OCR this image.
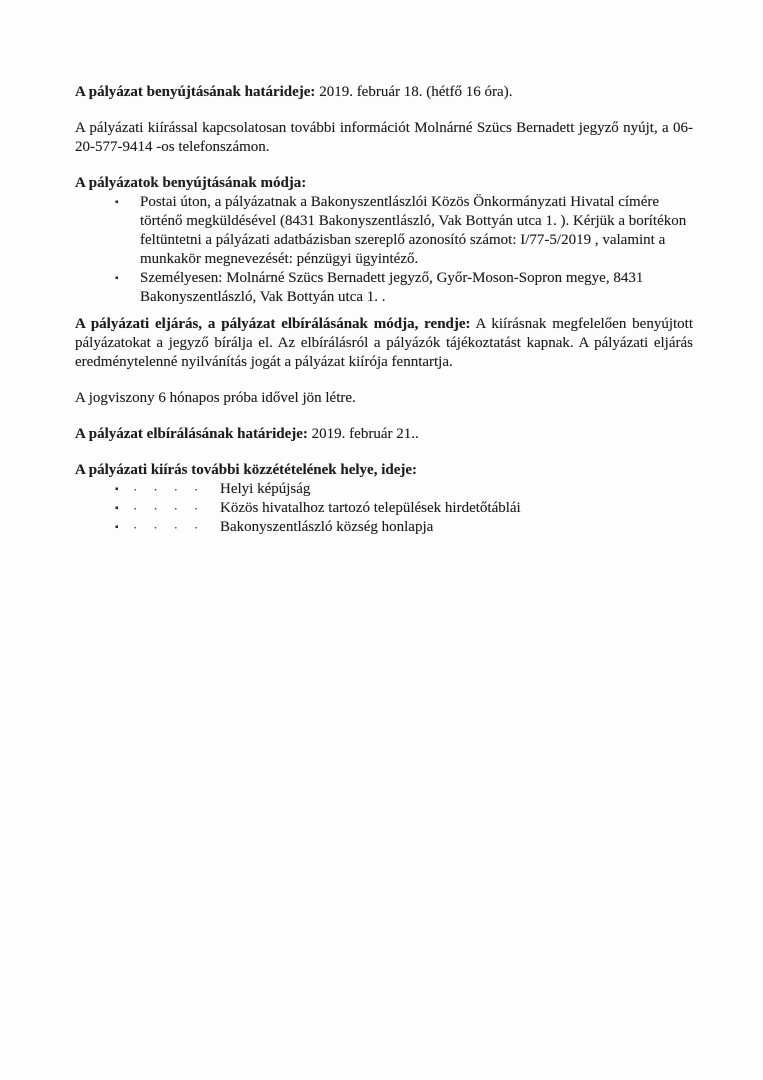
A pályázat benyújtásának határideje: 2019. február 18. (hétfő 16 óra).

A pályázati kiírással kapcsolatosan további információt Molnárné Szücs Bernadett jegyző nyújt, a 06-20-577-9414 -os telefonszámon.

A pályázatok benyújtásának módja:

▪	Postai úton, a pályázatnak a Bakonyszentlászlói Közös Önkormányzati Hivatal címére történő megküldésével (8431 Bakonyszentlászló, Vak Bottyán utca 1. ). Kérjük a borítékon feltüntetni a pályázati adatbázisban szereplő azonosító számot: I/77-5/2019 , valamint a munkakör megnevezését: pénzügyi ügyintéző.
▪	Személyesen: Molnárné Szücs Bernadett jegyző, Győr-Moson-Sopron megye, 8431 Bakonyszentlászló, Vak Bottyán utca 1. .

A pályázati eljárás, a pályázat elbírálásának módja, rendje: A kiírásnak megfelelően benyújtott pályázatokat a jegyző bírálja el. Az elbírálásról a pályázók tájékoztatást kapnak. A pályázati eljárás eredménytelenné nyilvánítás jogát a pályázat kiírója fenntartja.

A jogviszony 6 hónapos próba idővel jön létre.

A pályázat elbírálásának határideje: 2019. február 21..

A pályázati kiírás további közzétételének helye, ideje:

▪	···· Helyi képújság
▪	···· Közös hivatalhoz tartozó települések hirdetőtáblái
▪	···· Bakonyszentlászló község honlapja
